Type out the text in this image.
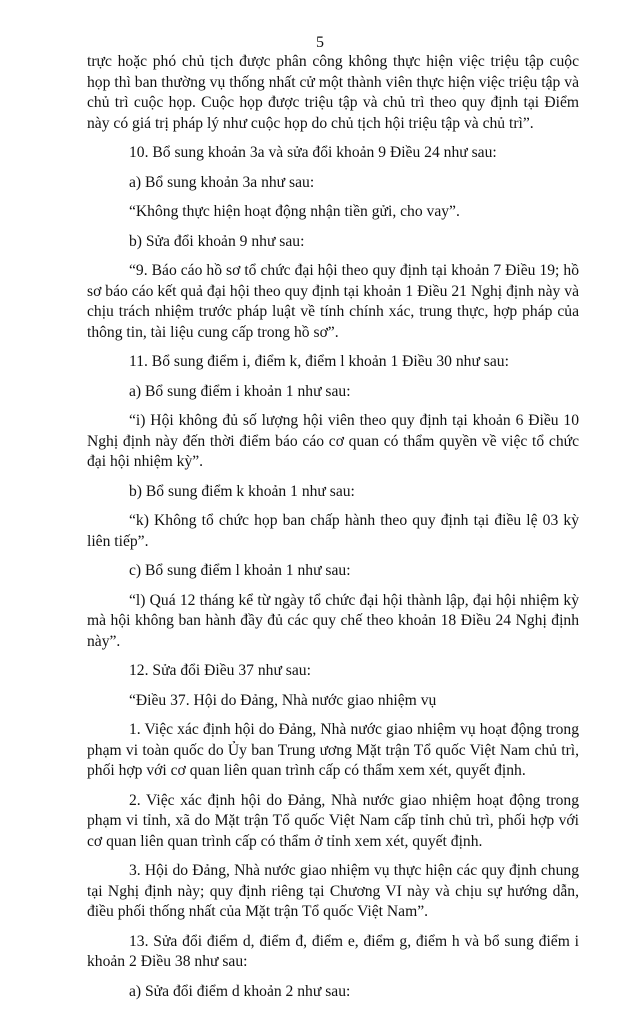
5

trực hoặc phó chủ tịch được phân công không thực hiện việc triệu tập cuộc họp thì ban thường vụ thống nhất cử một thành viên thực hiện việc triệu tập và chủ trì cuộc họp. Cuộc họp được triệu tập và chủ trì theo quy định tại Điểm này có giá trị pháp lý như cuộc họp do chủ tịch hội triệu tập và chủ trì”.

10. Bổ sung khoản 3a và sửa đổi khoản 9 Điều 24 như sau:

a) Bổ sung khoản 3a như sau:

“Không thực hiện hoạt động nhận tiền gửi, cho vay”.

b) Sửa đổi khoản 9 như sau:

“9. Báo cáo hồ sơ tổ chức đại hội theo quy định tại khoản 7 Điều 19; hồ sơ báo cáo kết quả đại hội theo quy định tại khoản 1 Điều 21 Nghị định này và chịu trách nhiệm trước pháp luật về tính chính xác, trung thực, hợp pháp của thông tin, tài liệu cung cấp trong hồ sơ”.

11. Bổ sung điểm i, điểm k, điểm l khoản 1 Điều 30 như sau:

a) Bổ sung điểm i khoản 1 như sau:

“i) Hội không đủ số lượng hội viên theo quy định tại khoản 6 Điều 10 Nghị định này đến thời điểm báo cáo cơ quan có thẩm quyền về việc tổ chức đại hội nhiệm kỳ”.

b) Bổ sung điểm k khoản 1 như sau:

“k) Không tổ chức họp ban chấp hành theo quy định tại điều lệ 03 kỳ liên tiếp”.

c) Bổ sung điểm l khoản 1 như sau:

“l) Quá 12 tháng kể từ ngày tổ chức đại hội thành lập, đại hội nhiệm kỳ mà hội không ban hành đầy đủ các quy chế theo khoản 18 Điều 24 Nghị định này”.

12. Sửa đổi Điều 37 như sau:

“Điều 37. Hội do Đảng, Nhà nước giao nhiệm vụ

1. Việc xác định hội do Đảng, Nhà nước giao nhiệm vụ hoạt động trong phạm vi toàn quốc do Ủy ban Trung ương Mặt trận Tổ quốc Việt Nam chủ trì, phối hợp với cơ quan liên quan trình cấp có thẩm xem xét, quyết định.

2. Việc xác định hội do Đảng, Nhà nước giao nhiệm hoạt động trong phạm vi tỉnh, xã do Mặt trận Tổ quốc Việt Nam cấp tỉnh chủ trì, phối hợp với cơ quan liên quan trình cấp có thẩm ở tỉnh xem xét, quyết định.

3. Hội do Đảng, Nhà nước giao nhiệm vụ thực hiện các quy định chung tại Nghị định này; quy định riêng tại Chương VI này và chịu sự hướng dẫn, điều phối thống nhất của Mặt trận Tổ quốc Việt Nam”.

13. Sửa đổi điểm d, điểm đ, điểm e, điểm g, điểm h và bổ sung điểm i khoản 2 Điều 38 như sau:

a) Sửa đổi điểm d khoản 2 như sau:
